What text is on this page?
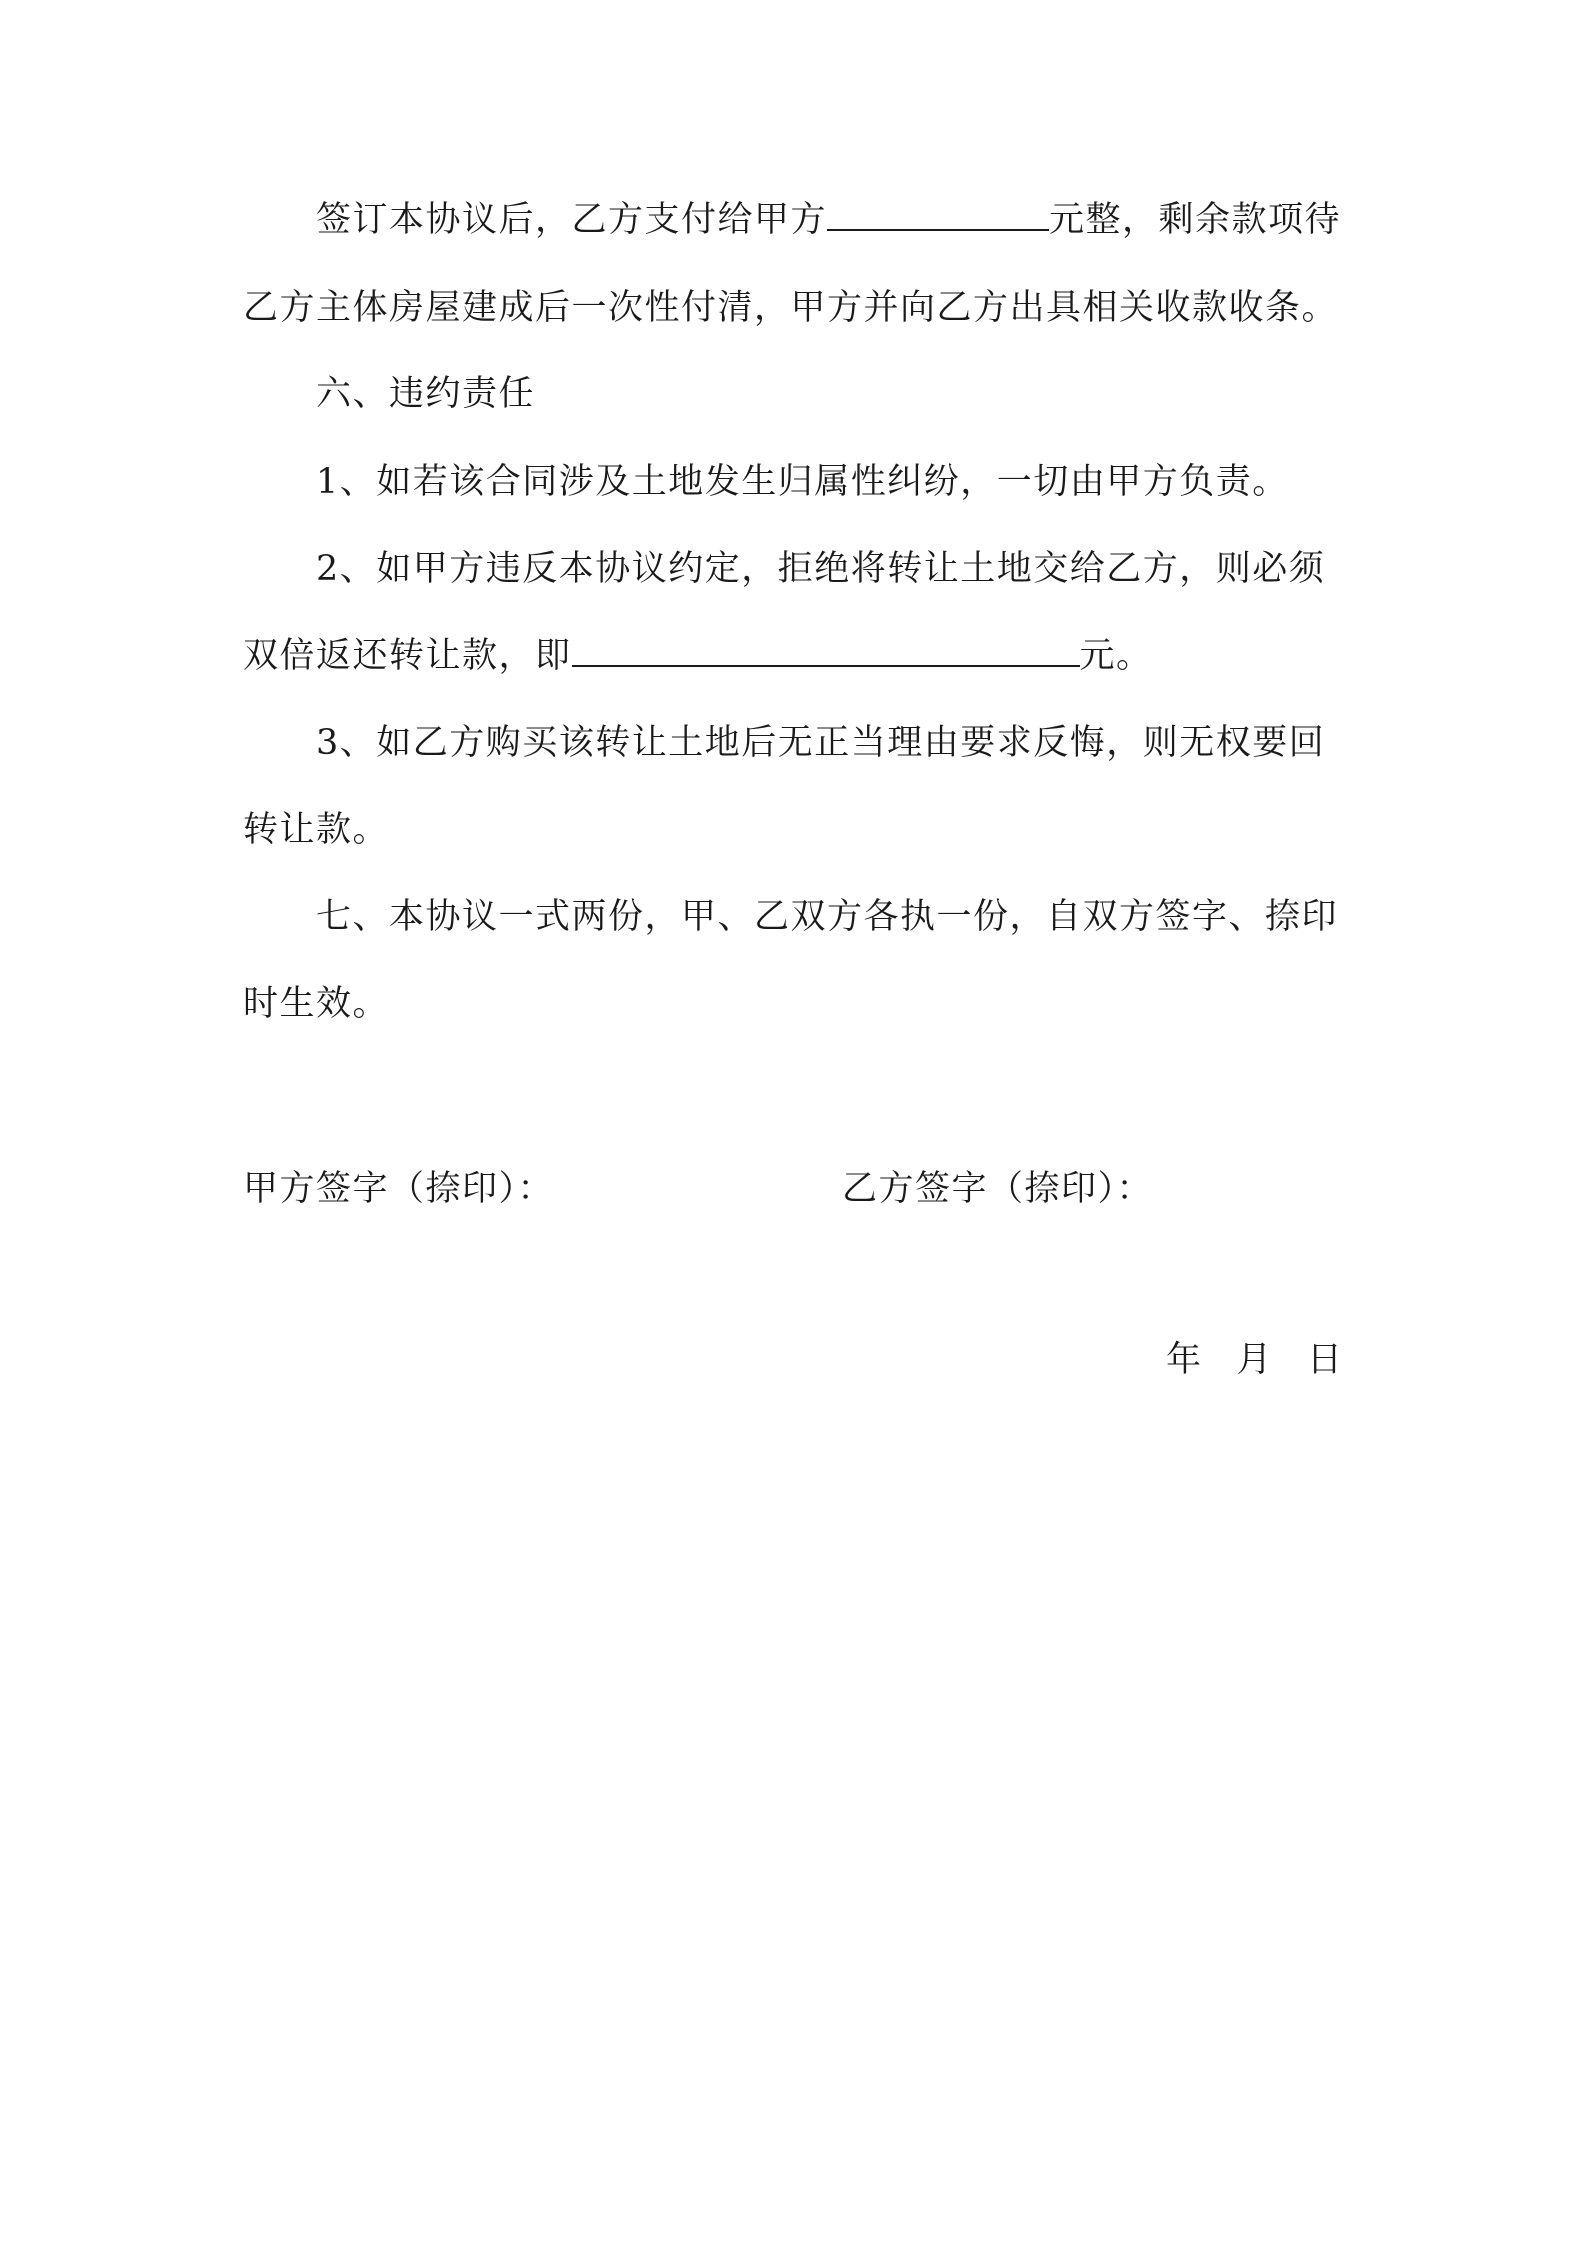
签订本协议后，乙方支付给甲方	元整，剩余款项待
乙方主体房屋建成后一次性付清，甲方并向乙方出具相关收款收条。
六、违约责任
1、如若该合同涉及土地发生归属性纠纷，一切由甲方负责。
2、如甲方违反本协议约定，拒绝将转让土地交给乙方，则必须
双倍返还转让款，即	元。
3、如乙方购买该转让土地后无正当理由要求反悔，则无权要回
转让款。
七、本协议一式两份，甲、乙双方各执一份，自双方签字、捺印
时生效。
甲方签字（捺印）：	乙方签字（捺印）：
年 月 日
